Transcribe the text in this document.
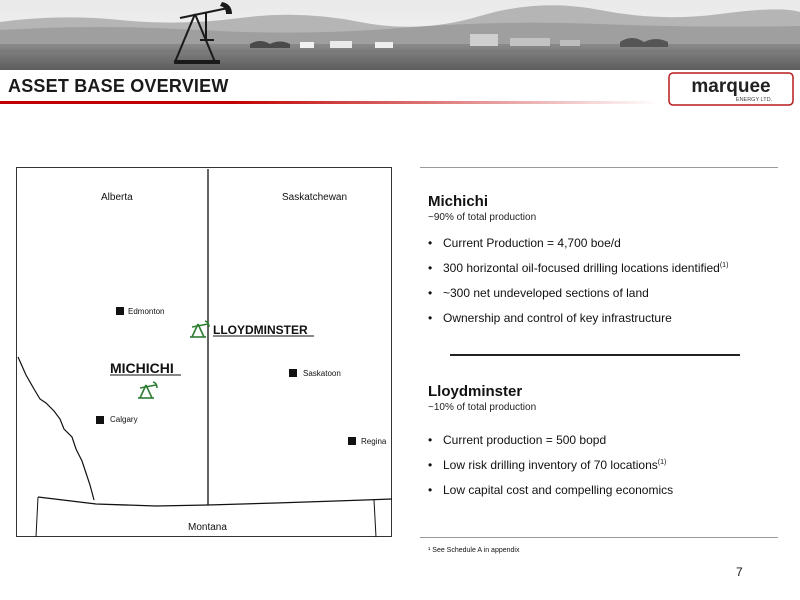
ASSET BASE OVERVIEW	marquee
ENERGY LTD.
Alberta	Saskatchewan
Montana
Edmonton
Saskatoon
Calgary
Regina
LLOYDMINSTER
MICHICHI
Michichi
~90% of total production
• Current Production = 4,700 boe/d
• 300 horizontal oil-focused drilling locations identified$^{(1)}$
• ~300 net undeveloped sections of land
• Ownership and control of key infrastructure
Lloydminster
~10% of total production
• Current production = 500 bopd
• Low risk drilling inventory of 70 locations$^{(1)}$
• Low capital cost and compelling economics
¹ See Schedule A in appendix
7
